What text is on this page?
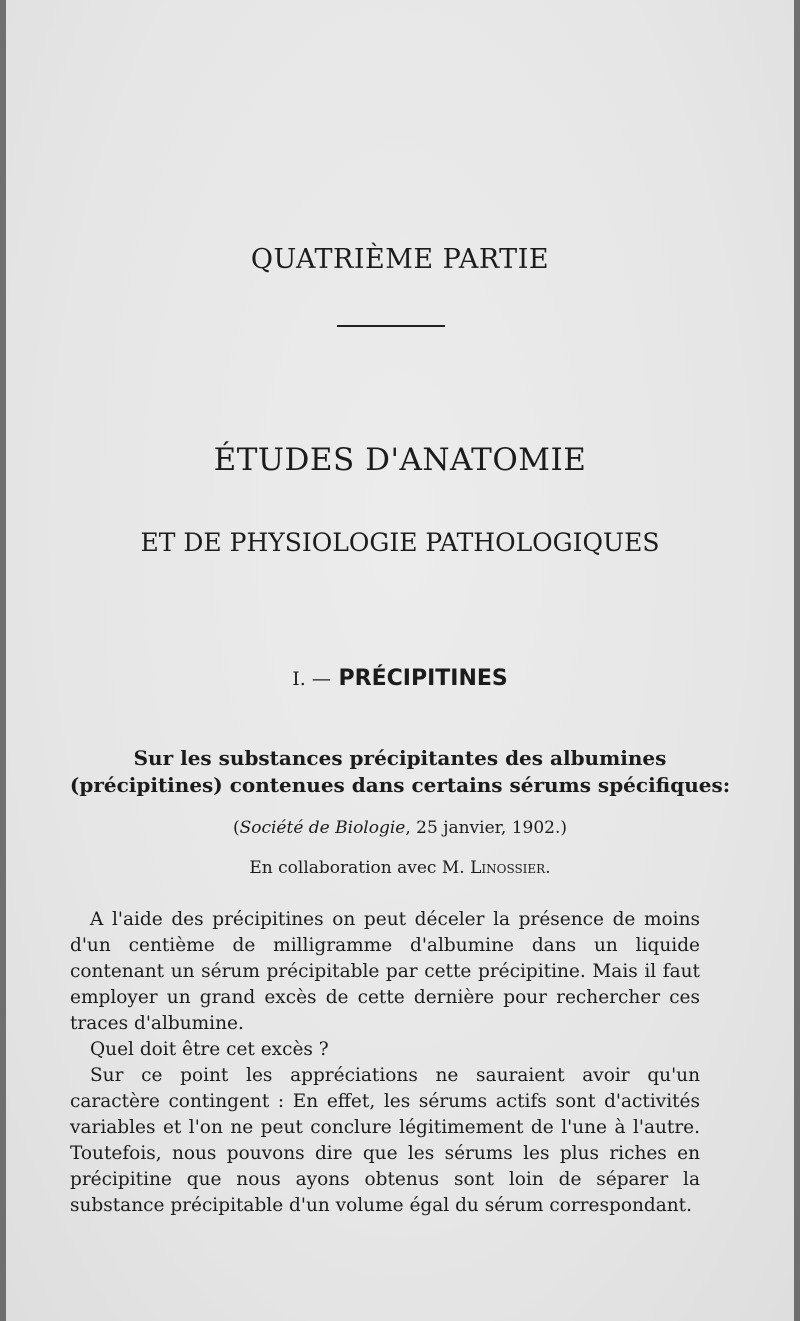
QUATRIÈME PARTIE
ÉTUDES D'ANATOMIE
ET DE PHYSIOLOGIE PATHOLOGIQUES
I. — PRÉCIPITINES
Sur les substances précipitantes des albumines
(précipitines) contenues dans certains sérums spécifiques:
(Société de Biologie, 25 janvier, 1902.)
En collaboration avec M. Linossier.

A l'aide des précipitines on peut déceler la présence de moins d'un centième de milligramme d'albumine dans un liquide contenant un sérum précipitable par cette précipitine. Mais il faut employer un grand excès de cette dernière pour rechercher ces traces d'albumine.

Quel doit être cet excès ?

Sur ce point les appréciations ne sauraient avoir qu'un caractère contingent : En effet, les sérums actifs sont d'activités variables et l'on ne peut conclure légitimement de l'une à l'autre. Toutefois, nous pouvons dire que les sérums les plus riches en précipitine que nous ayons obtenus sont loin de séparer la substance précipitable d'un volume égal du sérum correspondant.
